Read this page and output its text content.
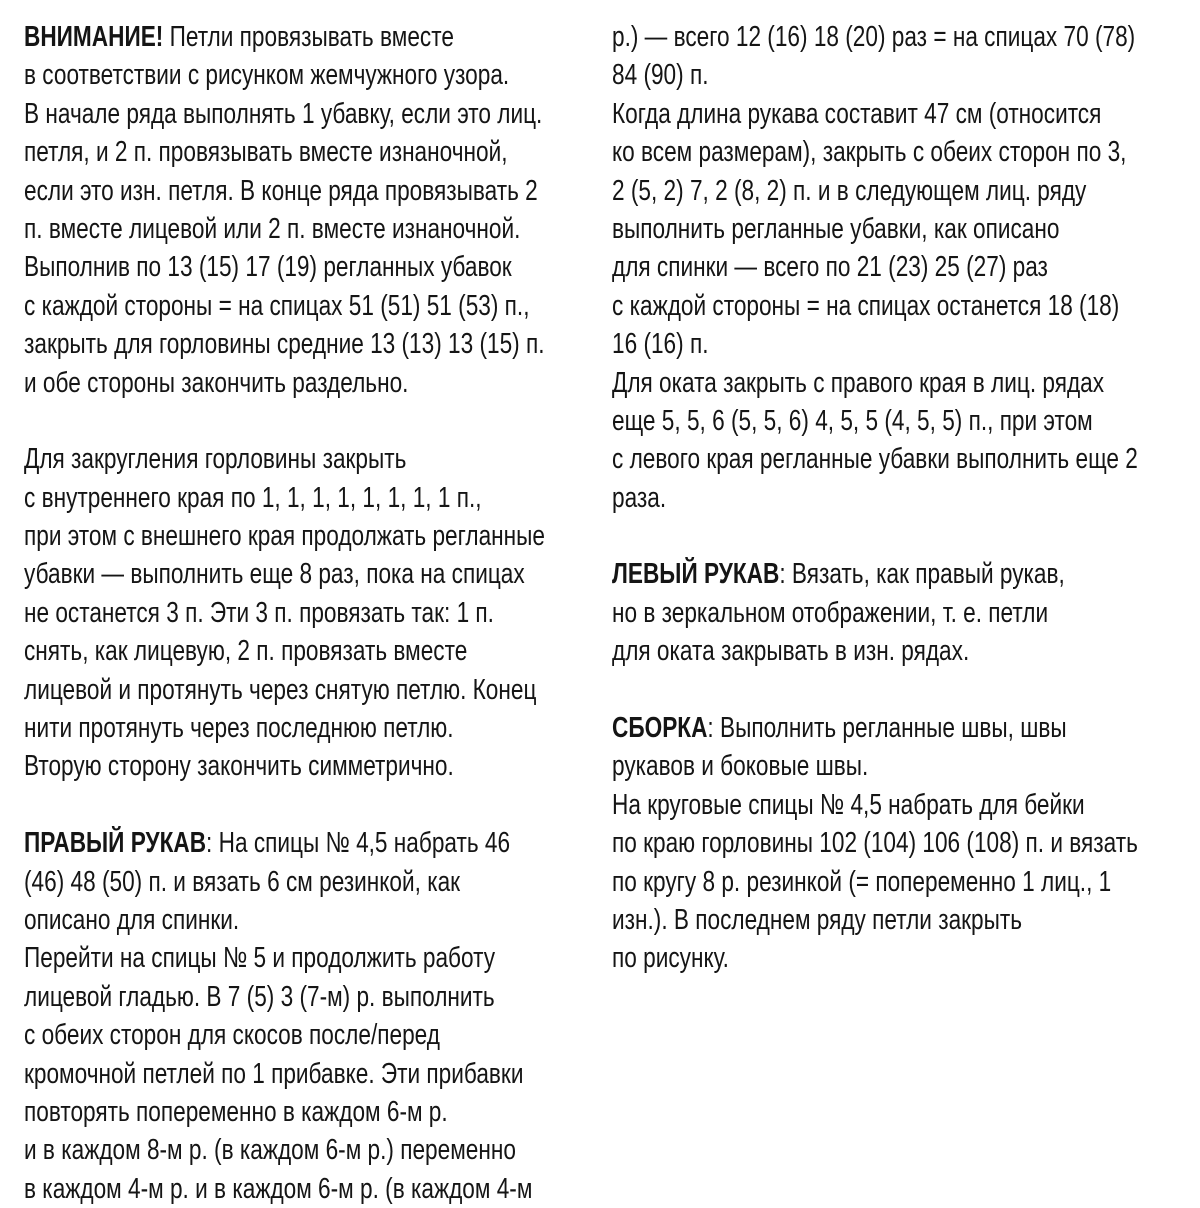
ВНИМАНИЕ! Петли провязывать вместе
в соответствии с рисунком жемчужного узора.
В начале ряда выполнять 1 убавку, если это лиц.
петля, и 2 п. провязывать вместе изнаночной,
если это изн. петля. В конце ряда провязывать 2
п. вместе лицевой или 2 п. вместе изнаночной.
Выполнив по 13 (15) 17 (19) регланных убавок
с каждой стороны = на спицах 51 (51) 51 (53) п.,
закрыть для горловины средние 13 (13) 13 (15) п.
и обе стороны закончить раздельно.
Для закругления горловины закрыть
с внутреннего края по 1, 1, 1, 1, 1, 1, 1, 1 п.,
при этом с внешнего края продолжать регланные
убавки — выполнить еще 8 раз, пока на спицах
не останется 3 п. Эти 3 п. провязать так: 1 п.
снять, как лицевую, 2 п. провязать вместе
лицевой и протянуть через снятую петлю. Конец
нити протянуть через последнюю петлю.
Вторую сторону закончить симметрично.
ПРАВЫЙ РУКАВ: На спицы № 4,5 набрать 46
(46) 48 (50) п. и вязать 6 см резинкой, как
описано для спинки.
Перейти на спицы № 5 и продолжить работу
лицевой гладью. В 7 (5) 3 (7-м) р. выполнить
с обеих сторон для скосов после/перед
кромочной петлей по 1 прибавке. Эти прибавки
повторять попеременно в каждом 6-м р.
и в каждом 8-м р. (в каждом 6-м р.) переменно
в каждом 4-м р. и в каждом 6-м р. (в каждом 4-м
р.) — всего 12 (16) 18 (20) раз = на спицах 70 (78)
84 (90) п.
Когда длина рукава составит 47 см (относится
ко всем размерам), закрыть с обеих сторон по 3,
2 (5, 2) 7, 2 (8, 2) п. и в следующем лиц. ряду
выполнить регланные убавки, как описано
для спинки — всего по 21 (23) 25 (27) раз
с каждой стороны = на спицах останется 18 (18)
16 (16) п.
Для оката закрыть с правого края в лиц. рядах
еще 5, 5, 6 (5, 5, 6) 4, 5, 5 (4, 5, 5) п., при этом
с левого края регланные убавки выполнить еще 2
раза.
ЛЕВЫЙ РУКАВ: Вязать, как правый рукав,
но в зеркальном отображении, т. е. петли
для оката закрывать в изн. рядах.
СБОРКА: Выполнить регланные швы, швы
рукавов и боковые швы.
На круговые спицы № 4,5 набрать для бейки
по краю горловины 102 (104) 106 (108) п. и вязать
по кругу 8 р. резинкой (= попеременно 1 лиц., 1
изн.). В последнем ряду петли закрыть
по рисунку.
